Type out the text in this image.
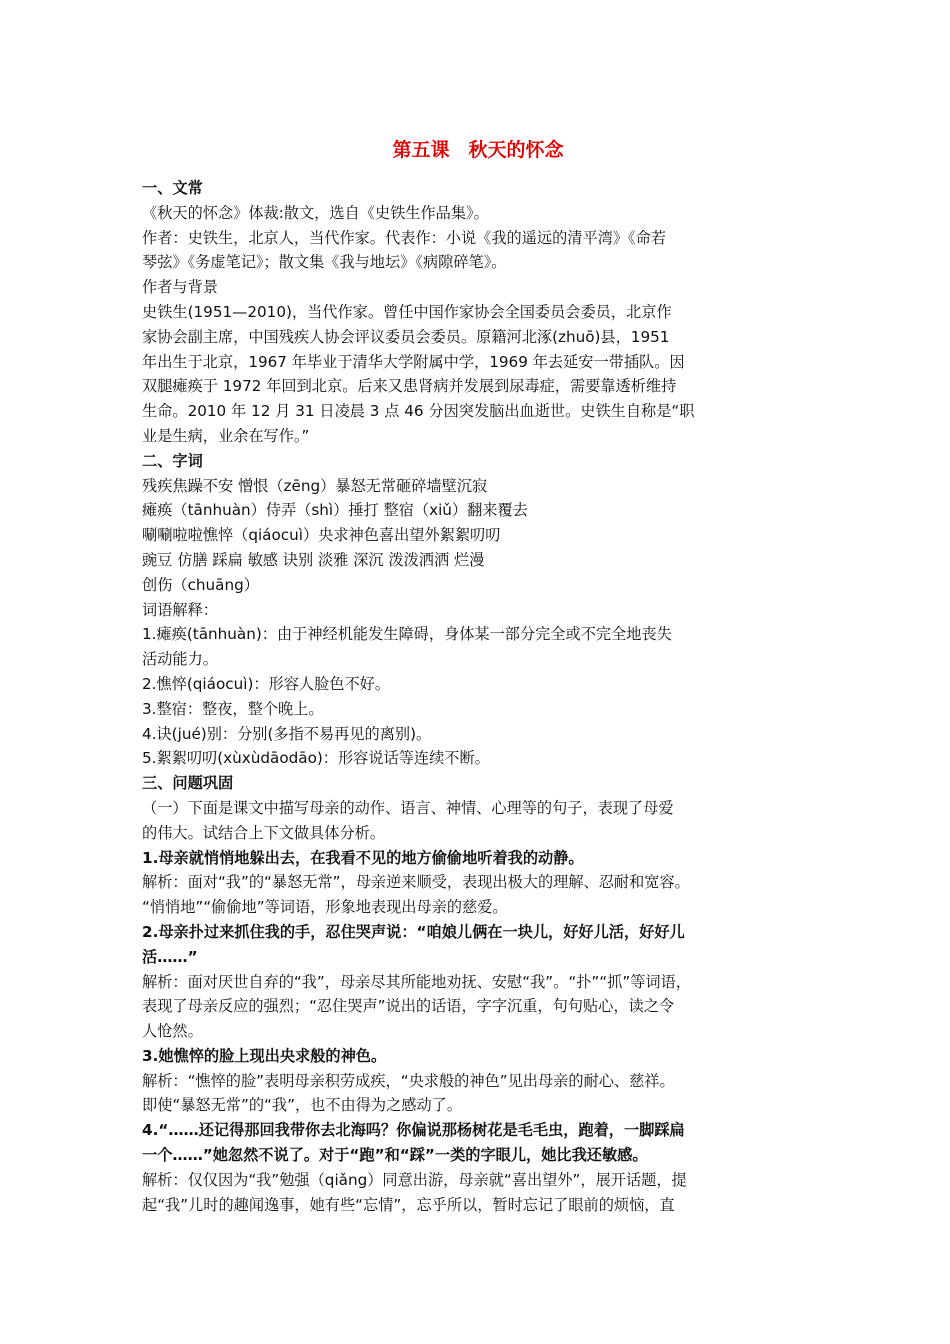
第五课　秋天的怀念
一、文常
《秋天的怀念》体裁:散文，选自《史铁生作品集》。
作者：史铁生，北京人，当代作家。代表作：小说《我的遥远的清平湾》《命若
琴弦》《务虚笔记》；散文集《我与地坛》《病隙碎笔》。
作者与背景
史铁生(1951—2010)，当代作家。曾任中国作家协会全国委员会委员，北京作
家协会副主席，中国残疾人协会评议委员会委员。原籍河北涿(zhuō)县，1951
年出生于北京，1967 年毕业于清华大学附属中学，1969 年去延安一带插队。因
双腿瘫痪于 1972 年回到北京。后来又患肾病并发展到尿毒症，需要靠透析维持
生命。2010 年 12 月 31 日凌晨 3 点 46 分因突发脑出血逝世。史铁生自称是“职
业是生病，业余在写作。”
二、字词
残疾焦躁不安 憎恨（zēng）暴怒无常砸碎墙壁沉寂
瘫痪（tānhuàn）侍弄（shì）捶打 整宿（xiǔ）翻来覆去
唰唰啦啦憔悴（qiáocuì）央求神色喜出望外絮絮叨叨
豌豆 仿膳 踩扁 敏感 诀别 淡雅 深沉 泼泼洒洒 烂漫
创伤（chuāng）
词语解释：
1.瘫痪(tānhuàn)：由于神经机能发生障碍，身体某一部分完全或不完全地丧失
活动能力。
2.憔悴(qiáocuì)：形容人脸色不好。
3.整宿：整夜，整个晚上。
4.诀(jué)别：分别(多指不易再见的离别)。
5.絮絮叨叨(xùxùdāodāo)：形容说话等连续不断。
三、问题巩固
（一）下面是课文中描写母亲的动作、语言、神情、心理等的句子，表现了母爱
的伟大。试结合上下文做具体分析。
1.母亲就悄悄地躲出去，在我看不见的地方偷偷地听着我的动静。
解析：面对“我”的“暴怒无常”，母亲逆来顺受，表现出极大的理解、忍耐和宽容。
“悄悄地”“偷偷地”等词语，形象地表现出母亲的慈爱。
2.母亲扑过来抓住我的手，忍住哭声说：“咱娘儿俩在一块儿，好好儿活，好好儿
活……”
解析：面对厌世自弃的“我”，母亲尽其所能地劝抚、安慰“我”。“扑”“抓”等词语，
表现了母亲反应的强烈；“忍住哭声”说出的话语，字字沉重，句句贴心，读之令
人怆然。
3.她憔悴的脸上现出央求般的神色。
解析：“憔悴的脸”表明母亲积劳成疾，“央求般的神色”见出母亲的耐心、慈祥。
即使“暴怒无常”的“我”，也不由得为之感动了。
4.“……还记得那回我带你去北海吗？你偏说那杨树花是毛毛虫，跑着，一脚踩扁
一个……”她忽然不说了。对于“跑”和“踩”一类的字眼儿，她比我还敏感。
解析：仅仅因为“我”勉强（qiǎng）同意出游，母亲就“喜出望外”，展开话题，提
起“我”儿时的趣闻逸事，她有些“忘情”，忘乎所以，暂时忘记了眼前的烦恼，直
